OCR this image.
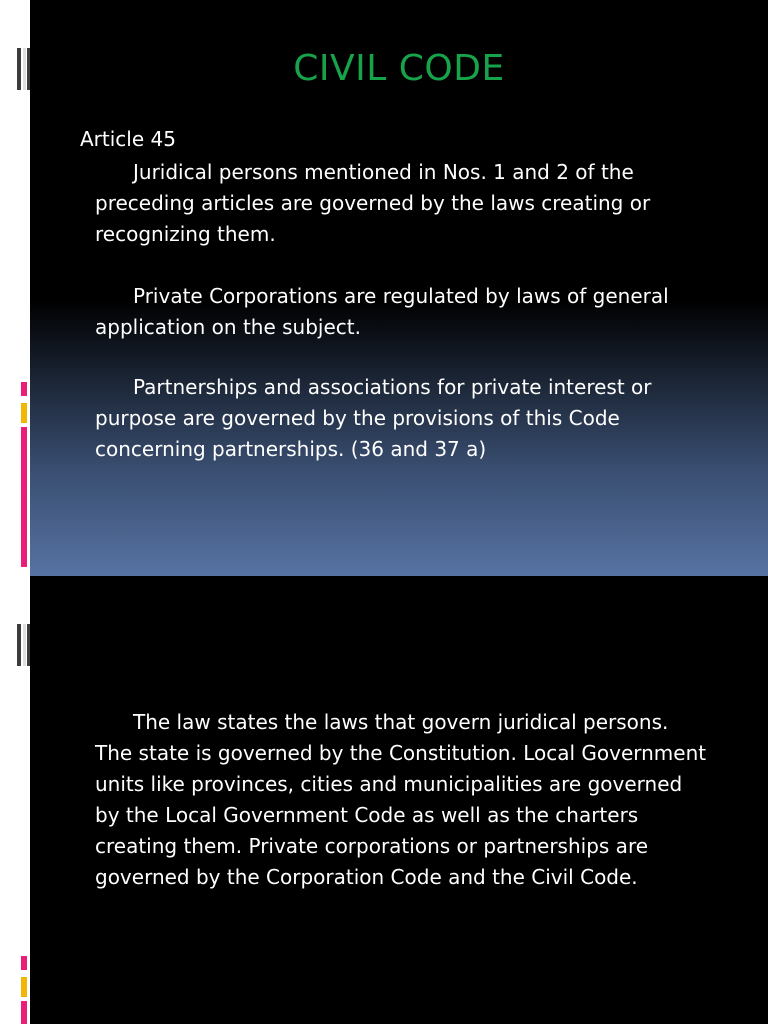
CIVIL CODE
Article 45
Juridical persons mentioned in Nos. 1 and 2 of the preceding articles are governed by the laws creating or recognizing them.
Private Corporations are regulated by laws of general application on the subject.
Partnerships and associations for private interest or purpose are governed by the provisions of this Code concerning partnerships. (36 and 37 a)
The law states the laws that govern juridical persons. The state is governed by the Constitution. Local Government units like provinces, cities and municipalities are governed by the Local Government Code as well as the charters creating them. Private corporations or partnerships are governed by the Corporation Code and the Civil Code.
